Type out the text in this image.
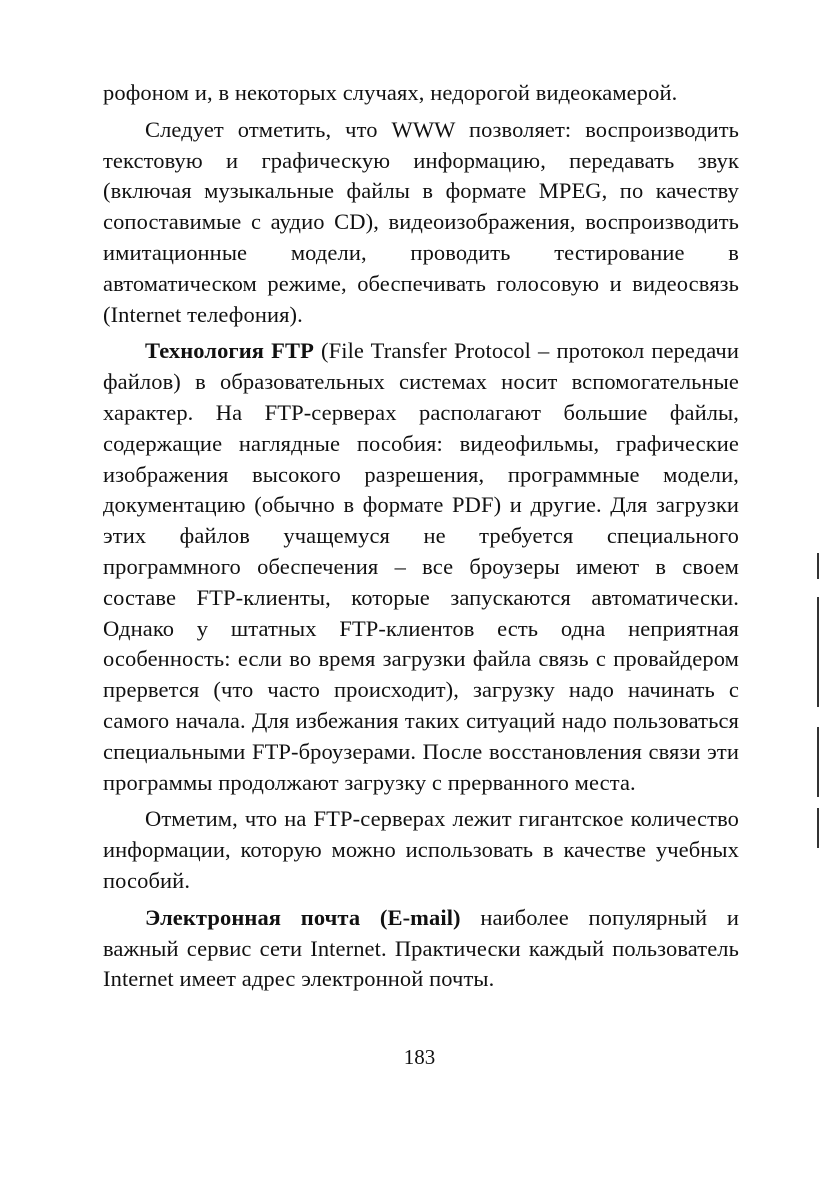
рофоном и, в некоторых случаях, недорогой видеокамерой.

Следует отметить, что WWW позволяет: воспроизводить текстовую и графическую информацию, передавать звук (включая музыкальные файлы в формате MPEG, по качеству сопоставимые с аудио CD), видеоизображения, воспроизводить имитационные модели, проводить тестирование в автоматическом режиме, обеспечивать голосовую и видеосвязь (Internet телефония).

Технология FTP (File Transfer Protocol – протокол передачи файлов) в образовательных системах носит вспомогательные характер. На FTP-серверах располагают большие файлы, содержащие наглядные пособия: видеофильмы, графические изображения высокого разрешения, программные модели, документацию (обычно в формате PDF) и другие. Для загрузки этих файлов учащемуся не требуется специального программного обеспечения – все броузеры имеют в своем составе FTP-клиенты, которые запускаются автоматически. Однако у штатных FTP-клиентов есть одна неприятная особенность: если во время загрузки файла связь с провайдером прервется (что часто происходит), загрузку надо начинать с самого начала. Для избежания таких ситуаций надо пользоваться специальными FTP-броузерами. После восстановления связи эти программы продолжают загрузку с прерванного места.

Отметим, что на FTP-серверах лежит гигантское количество информации, которую можно использовать в качестве учебных пособий.

Электронная почта (E-mail) наиболее популярный и важный сервис сети Internet. Практически каждый пользователь Internet имеет адрес электронной почты.

183
